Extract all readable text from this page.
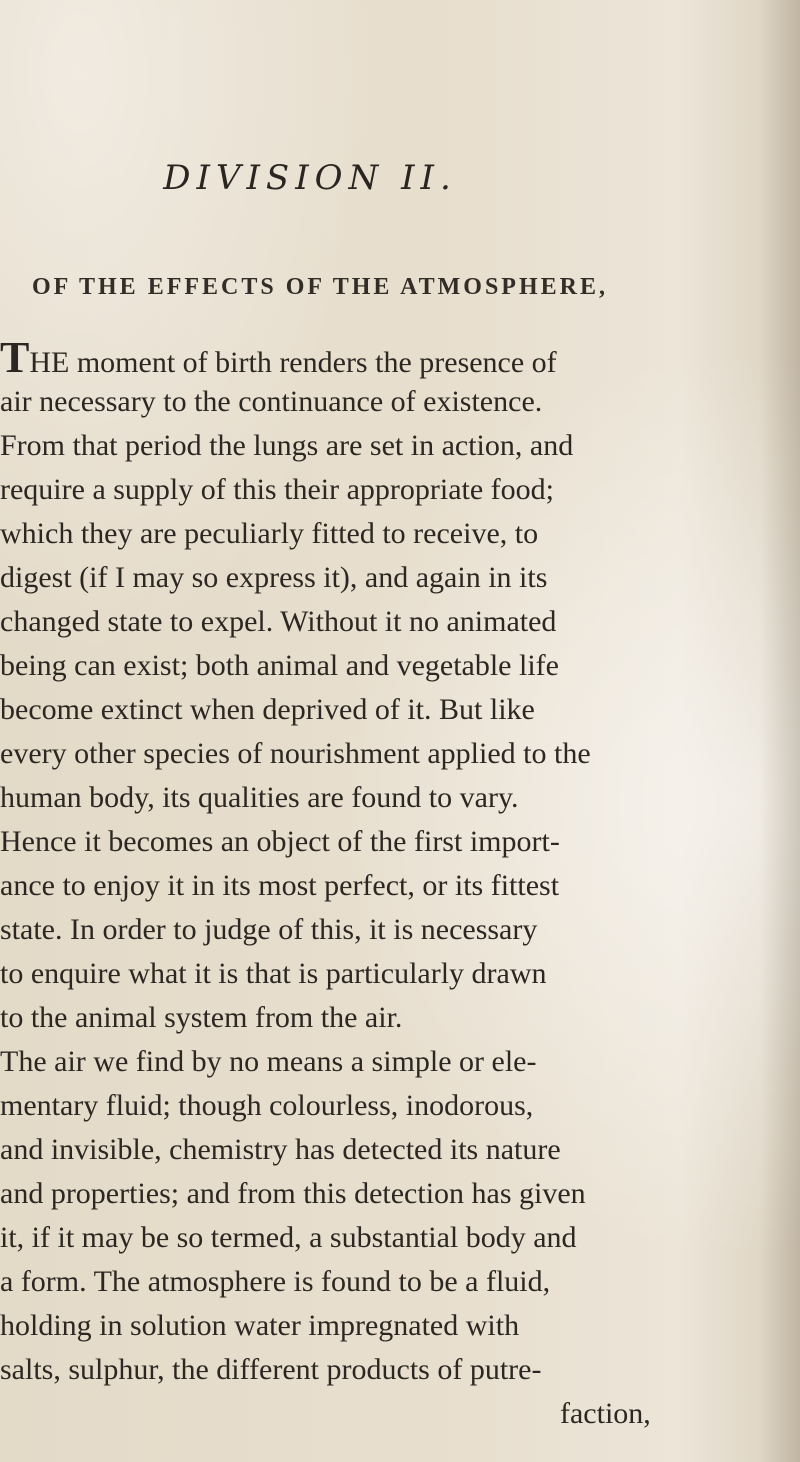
DIVISION II.
OF THE EFFECTS OF THE ATMOSPHERE,
THE moment of birth renders the presence of
air necessary to the continuance of existence.
From that period the lungs are set in action, and
require a supply of this their appropriate food;
which they are peculiarly fitted to receive, to
digest (if I may so express it), and again in its
changed state to expel. Without it no animated
being can exist; both animal and vegetable life
become extinct when deprived of it. But like
every other species of nourishment applied to the
human body, its qualities are found to vary.
Hence it becomes an object of the first import-
ance to enjoy it in its most perfect, or its fittest
state. In order to judge of this, it is necessary
to enquire what it is that is particularly drawn
to the animal system from the air.
The air we find by no means a simple or ele-
mentary fluid; though colourless, inodorous,
and invisible, chemistry has detected its nature
and properties; and from this detection has given
it, if it may be so termed, a substantial body and
a form. The atmosphere is found to be a fluid,
holding in solution water impregnated with
salts, sulphur, the different products of putre-
faction,
